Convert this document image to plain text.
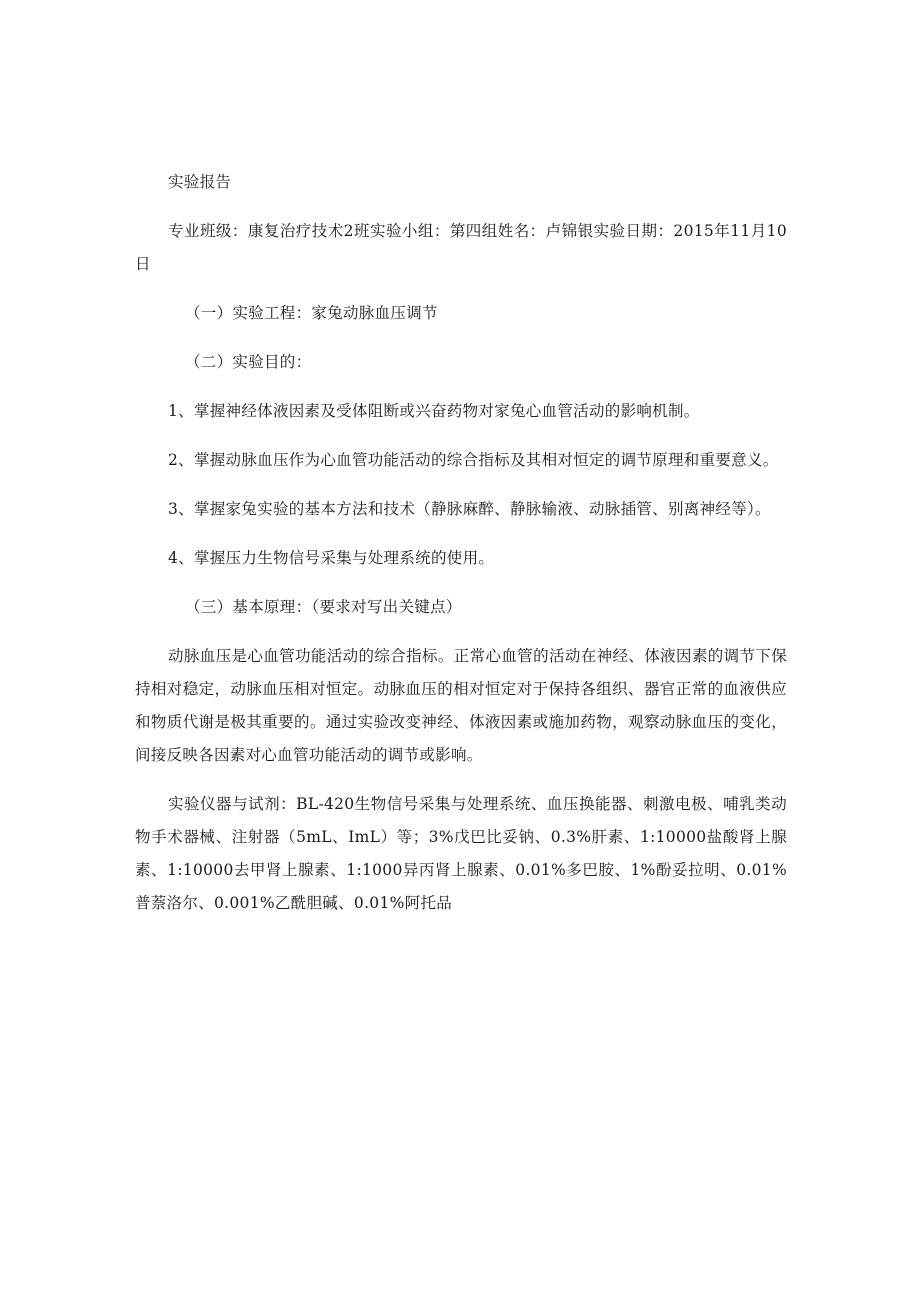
实验报告

专业班级：康复治疗技术2班实验小组：第四组姓名：卢锦银实验日期：2015年11月10日

（一）实验工程：家兔动脉血压调节

（二）实验目的：

1、掌握神经体液因素及受体阻断或兴奋药物对家兔心血管活动的影响机制。

2、掌握动脉血压作为心血管功能活动的综合指标及其相对恒定的调节原理和重要意义。

3、掌握家兔实验的基本方法和技术（静脉麻醉、静脉输液、动脉插管、别离神经等）。

4、掌握压力生物信号采集与处理系统的使用。

（三）基本原理：（要求对写出关键点）

动脉血压是心血管功能活动的综合指标。正常心血管的活动在神经、体液因素的调节下保持相对稳定，动脉血压相对恒定。动脉血压的相对恒定对于保持各组织、器官正常的血液供应和物质代谢是极其重要的。通过实验改变神经、体液因素或施加药物，观察动脉血压的变化，间接反映各因素对心血管功能活动的调节或影响。

实验仪器与试剂：BL-420生物信号采集与处理系统、血压换能器、刺激电极、哺乳类动物手术器械、注射器（5mL、ImL）等；3%戊巴比妥钠、0.3%肝素、1:10000盐酸肾上腺素、1:10000去甲肾上腺素、1:1000异丙肾上腺素、0.01%多巴胺、1%酚妥拉明、0.01%普萘洛尔、0.001%乙酰胆碱、0.01%阿托品
